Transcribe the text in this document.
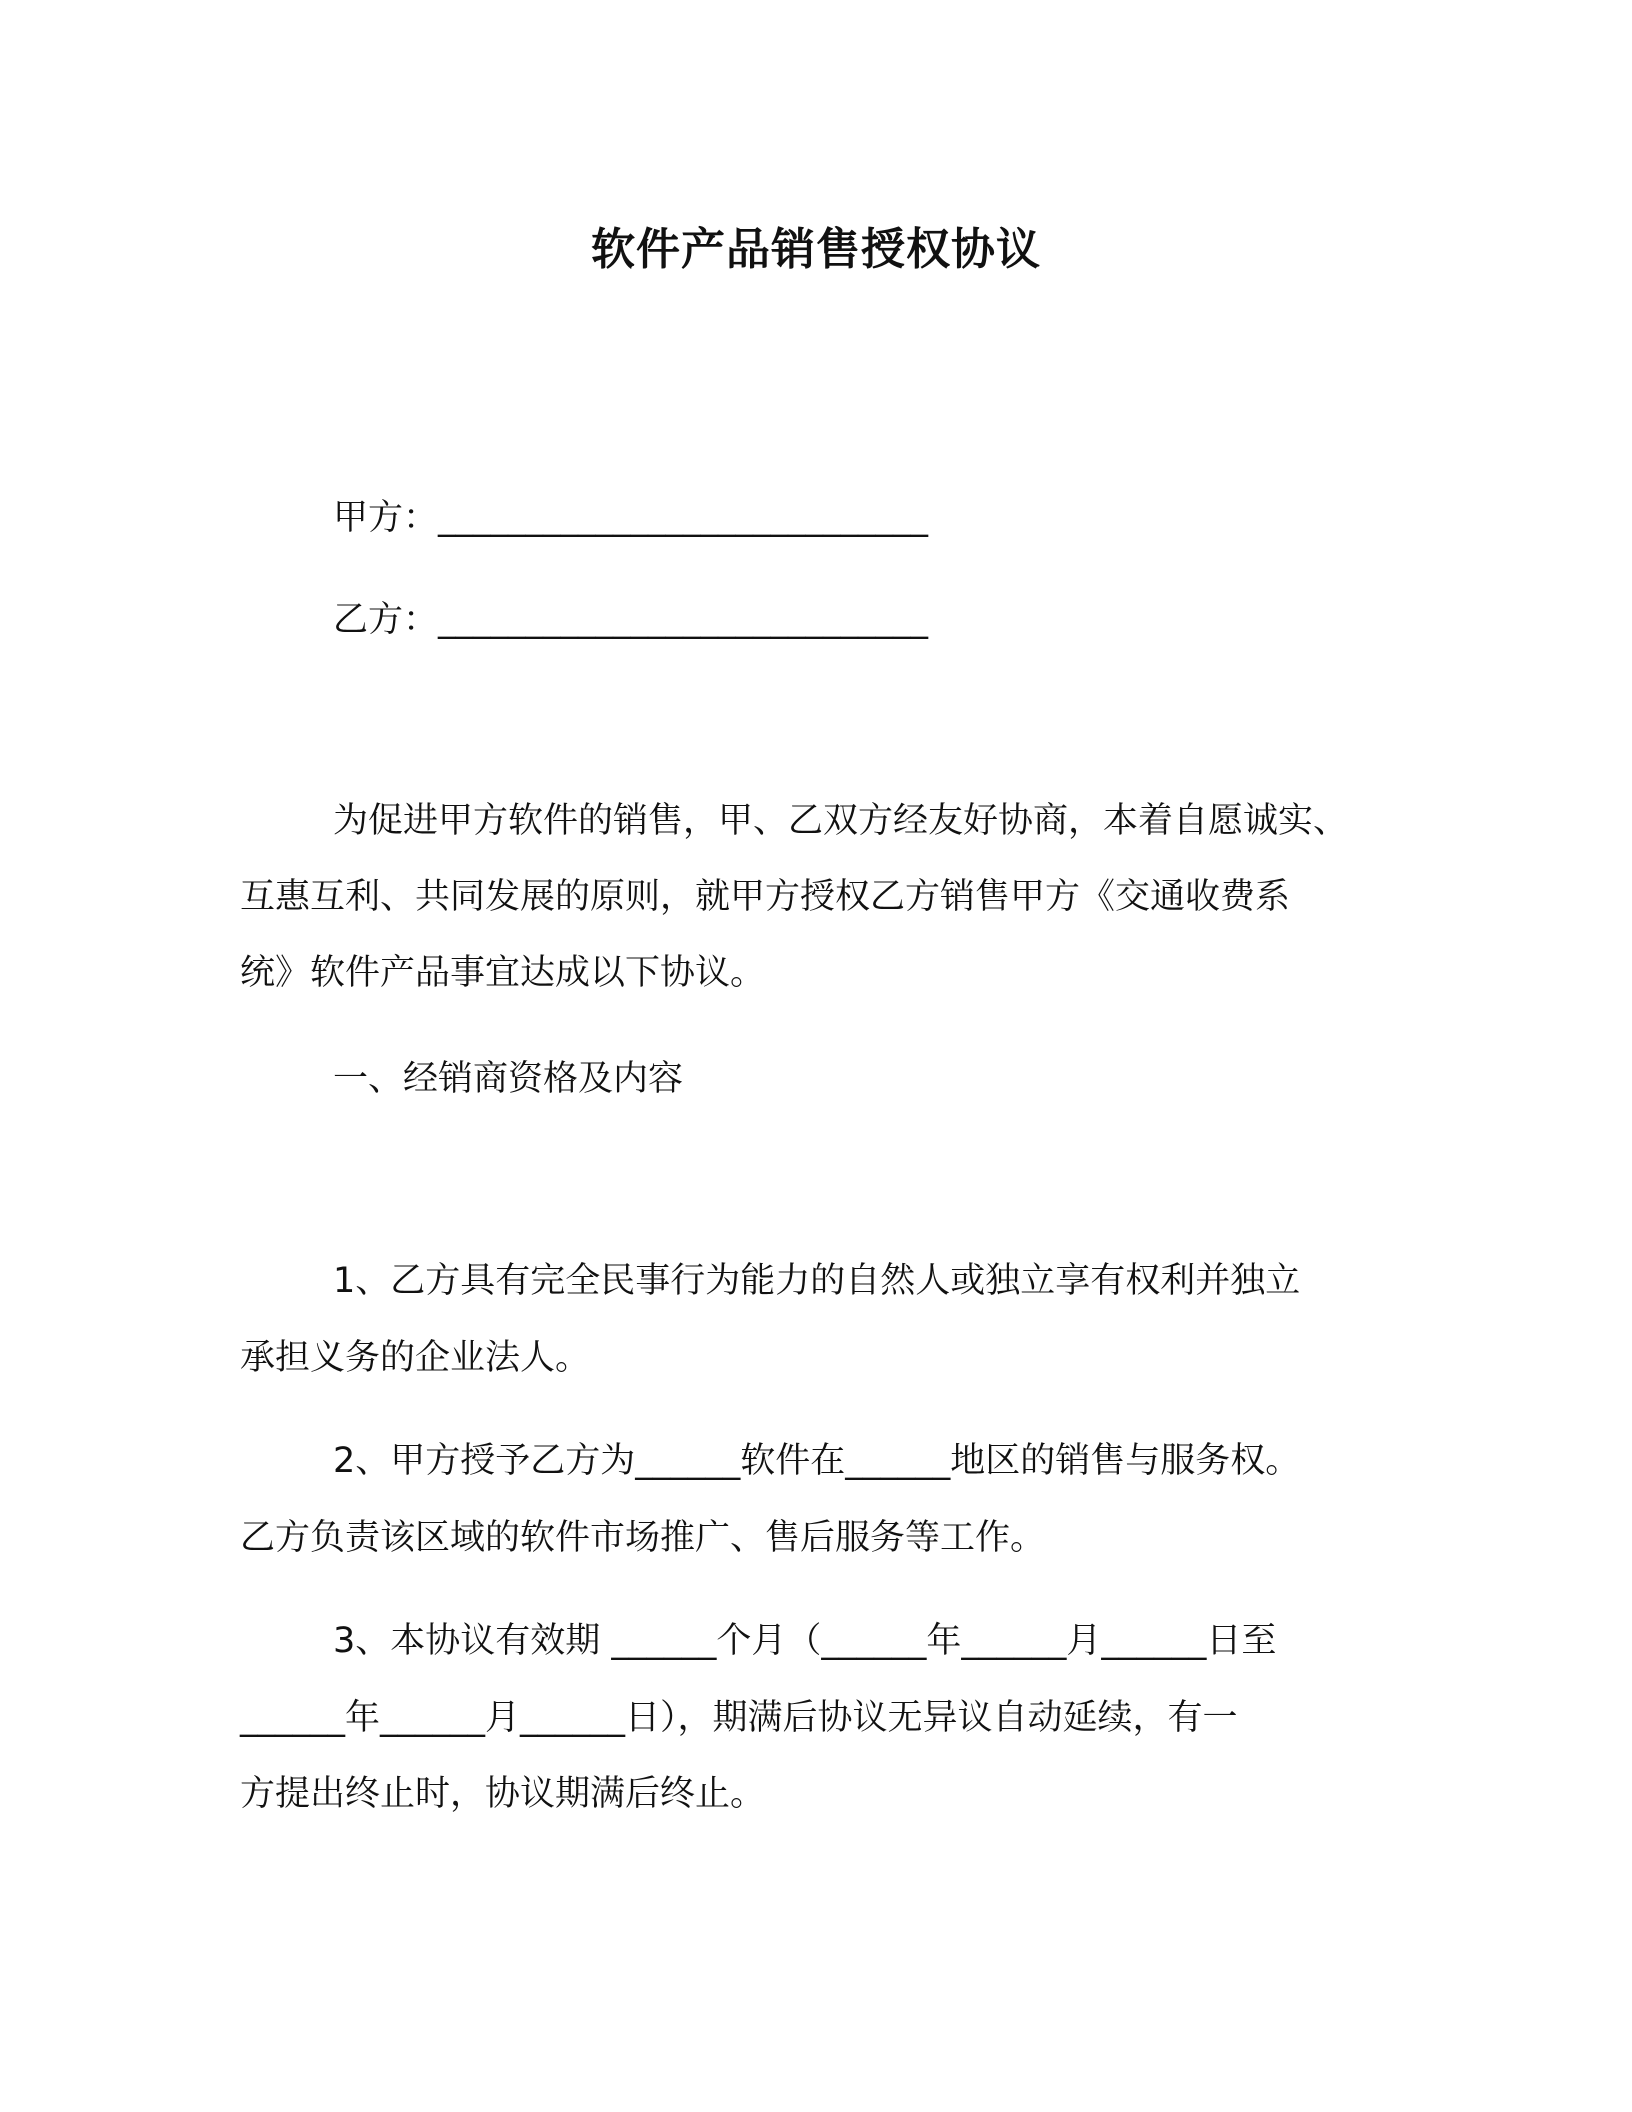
软件产品销售授权协议
甲方：____________________________
乙方：____________________________
为促进甲方软件的销售，甲、乙双方经友好协商，本着自愿诚实、
互惠互利、共同发展的原则，就甲方授权乙方销售甲方《交通收费系
统》软件产品事宜达成以下协议。
一、经销商资格及内容
1、乙方具有完全民事行为能力的自然人或独立享有权利并独立
承担义务的企业法人。
2、甲方授予乙方为______软件在______地区的销售与服务权。
乙方负责该区域的软件市场推广、售后服务等工作。
3、本协议有效期 ______个月（______年______月______日至
______年______月______日），期满后协议无异议自动延续，有一
方提出终止时，协议期满后终止。
